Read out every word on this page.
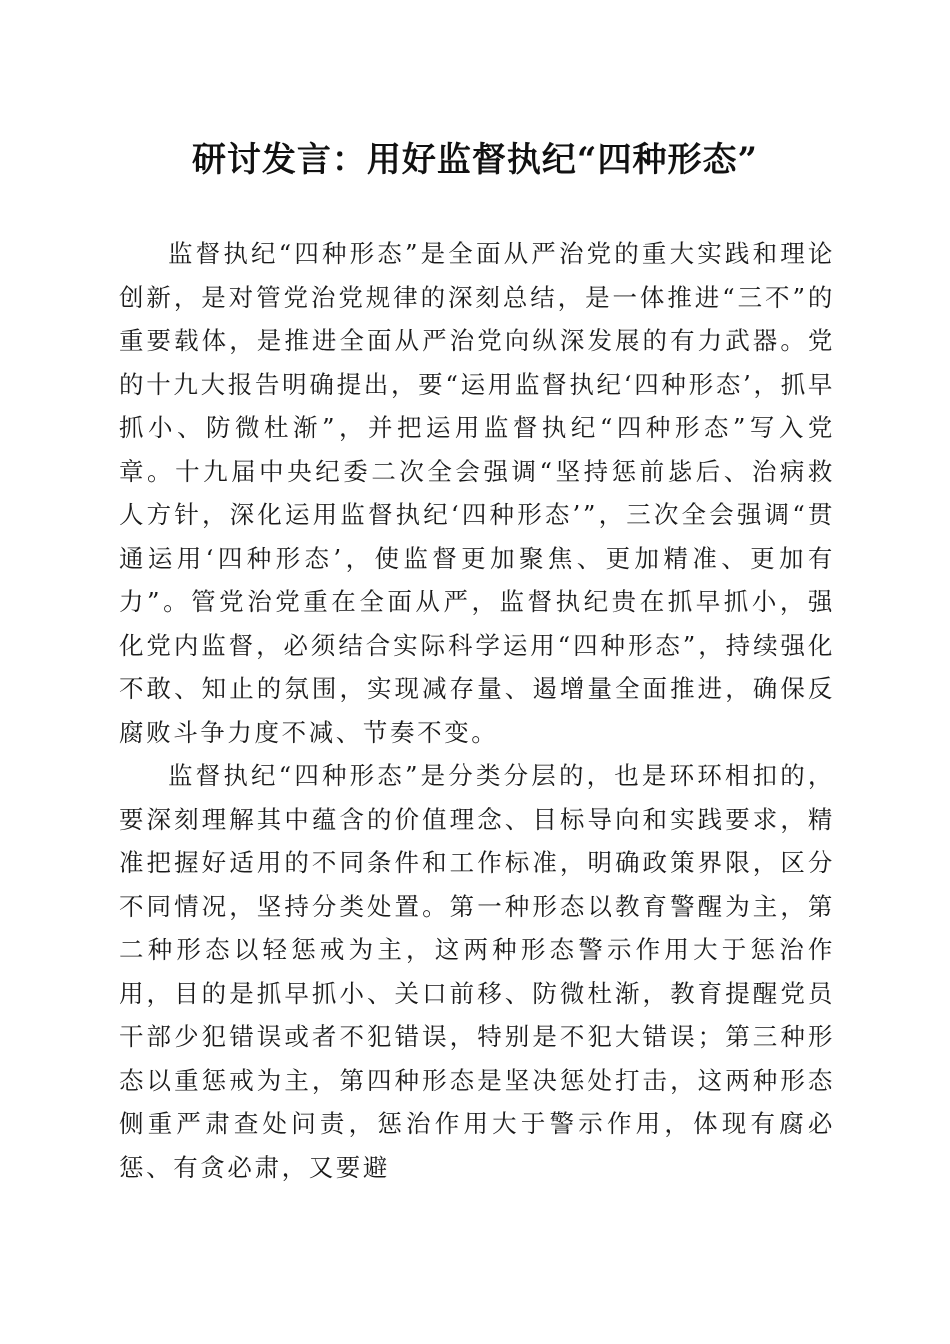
研讨发言：用好监督执纪“四种形态”

监督执纪“四种形态”是全面从严治党的重大实践和理论创新，是对管党治党规律的深刻总结，是一体推进“三不”的重要载体，是推进全面从严治党向纵深发展的有力武器。党的十九大报告明确提出，要“运用监督执纪‘四种形态’，抓早抓小、防微杜渐”，并把运用监督执纪“四种形态”写入党章。十九届中央纪委二次全会强调“坚持惩前毖后、治病救人方针，深化运用监督执纪‘四种形态’”，三次全会强调“贯通运用‘四种形态’，使监督更加聚焦、更加精准、更加有力”。管党治党重在全面从严，监督执纪贵在抓早抓小，强化党内监督，必须结合实际科学运用“四种形态”，持续强化不敢、知止的氛围，实现减存量、遏增量全面推进，确保反腐败斗争力度不减、节奏不变。

监督执纪“四种形态”是分类分层的，也是环环相扣的，要深刻理解其中蕴含的价值理念、目标导向和实践要求，精准把握好适用的不同条件和工作标准，明确政策界限，区分不同情况，坚持分类处置。第一种形态以教育警醒为主，第二种形态以轻惩戒为主，这两种形态警示作用大于惩治作用，目的是抓早抓小、关口前移、防微杜渐，教育提醒党员干部少犯错误或者不犯错误，特别是不犯大错误；第三种形态以重惩戒为主，第四种形态是坚决惩处打击，这两种形态侧重严肃查处问责，惩治作用大于警示作用，体现有腐必惩、有贪必肃，又要避
